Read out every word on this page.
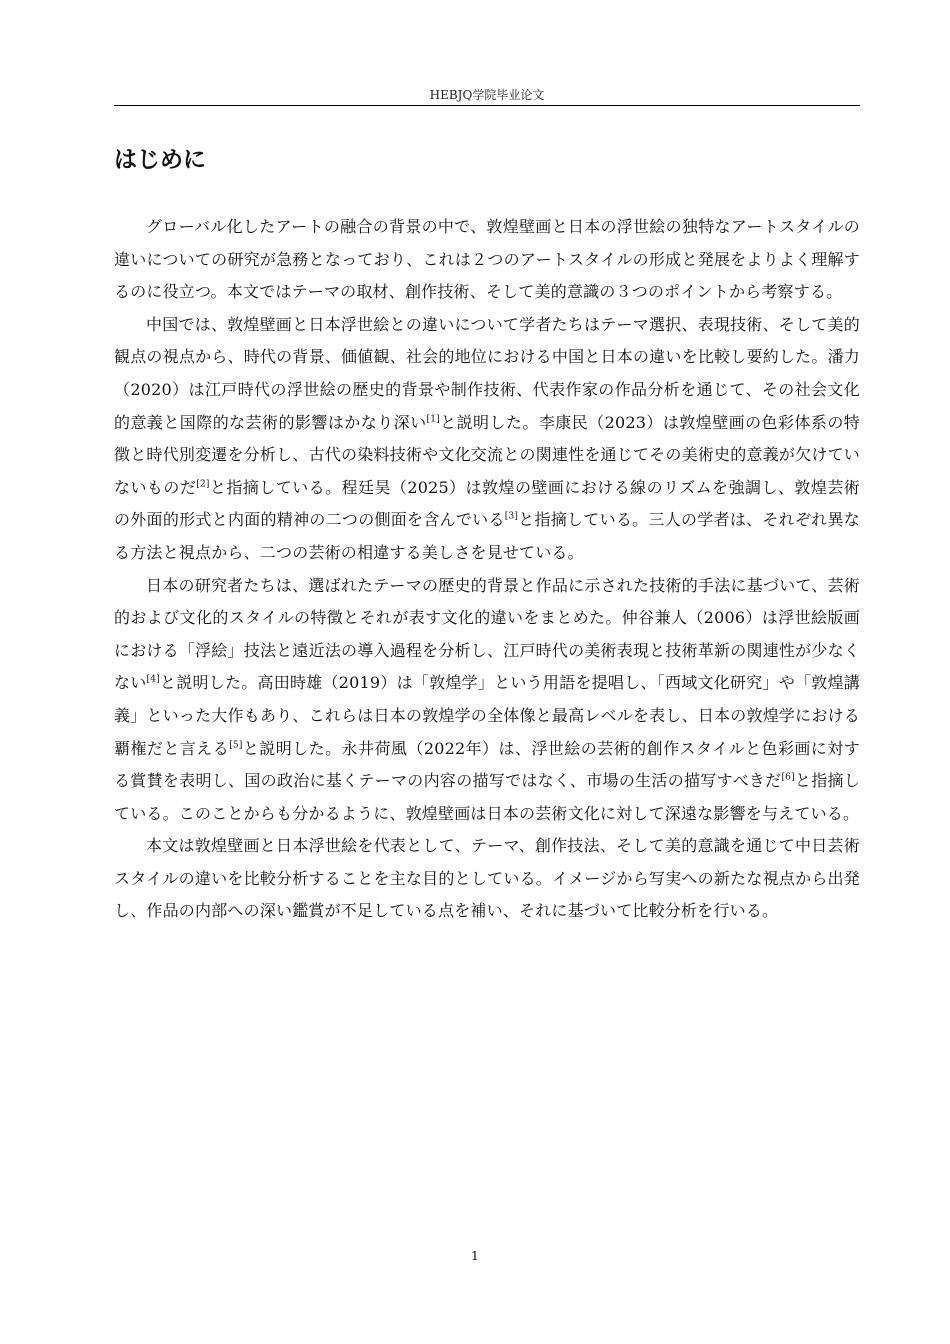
HEBJQ学院毕业论文
はじめに

グローバル化したアートの融合の背景の中で、敦煌壁画と日本の浮世絵の独特なアートスタイルの違いについての研究が急務となっており、これは２つのアートスタイルの形成と発展をよりよく理解するのに役立つ。本文ではテーマの取材、創作技術、そして美的意識の３つのポイントから考察する。

中国では、敦煌壁画と日本浮世絵との違いについて学者たちはテーマ選択、表現技術、そして美的観点の視点から、時代の背景、価値観、社会的地位における中国と日本の違いを比較し要約した。潘力（2020）は江戸時代の浮世絵の歴史的背景や制作技術、代表作家の作品分析を通じて、その社会文化的意義と国際的な芸術的影響はかなり深い[1]と説明した。李康民（2023）は敦煌壁画の色彩体系の特徴と時代別変遷を分析し、古代の染料技術や文化交流との関連性を通じてその美術史的意義が欠けていないものだ[2]と指摘している。程廷昊（2025）は敦煌の壁画における線のリズムを強調し、敦煌芸術の外面的形式と内面的精神の二つの側面を含んでいる[3]と指摘している。三人の学者は、それぞれ異なる方法と視点から、二つの芸術の相違する美しさを見せている。

日本の研究者たちは、選ばれたテーマの歴史的背景と作品に示された技術的手法に基づいて、芸術的および文化的スタイルの特徴とそれが表す文化的違いをまとめた。仲谷兼人（2006）は浮世絵版画における「浮絵」技法と遠近法の導入過程を分析し、江戸時代の美術表現と技術革新の関連性が少なくない[4]と説明した。高田時雄（2019）は「敦煌学」という用語を提唱し、「西域文化研究」や「敦煌講義」といった大作もあり、これらは日本の敦煌学の全体像と最高レベルを表し、日本の敦煌学における覇権だと言える[5]と説明した。永井荷風（2022年）は、浮世絵の芸術的創作スタイルと色彩画に対する賞賛を表明し、国の政治に基くテーマの内容の描写ではなく、市場の生活の描写すべきだ[6]と指摘している。このことからも分かるように、敦煌壁画は日本の芸術文化に対して深遠な影響を与えている。

本文は敦煌壁画と日本浮世絵を代表として、テーマ、創作技法、そして美的意識を通じて中日芸術スタイルの違いを比較分析することを主な目的としている。イメージから写実への新たな視点から出発し、作品の内部への深い鑑賞が不足している点を補い、それに基づいて比較分析を行いる。

1
